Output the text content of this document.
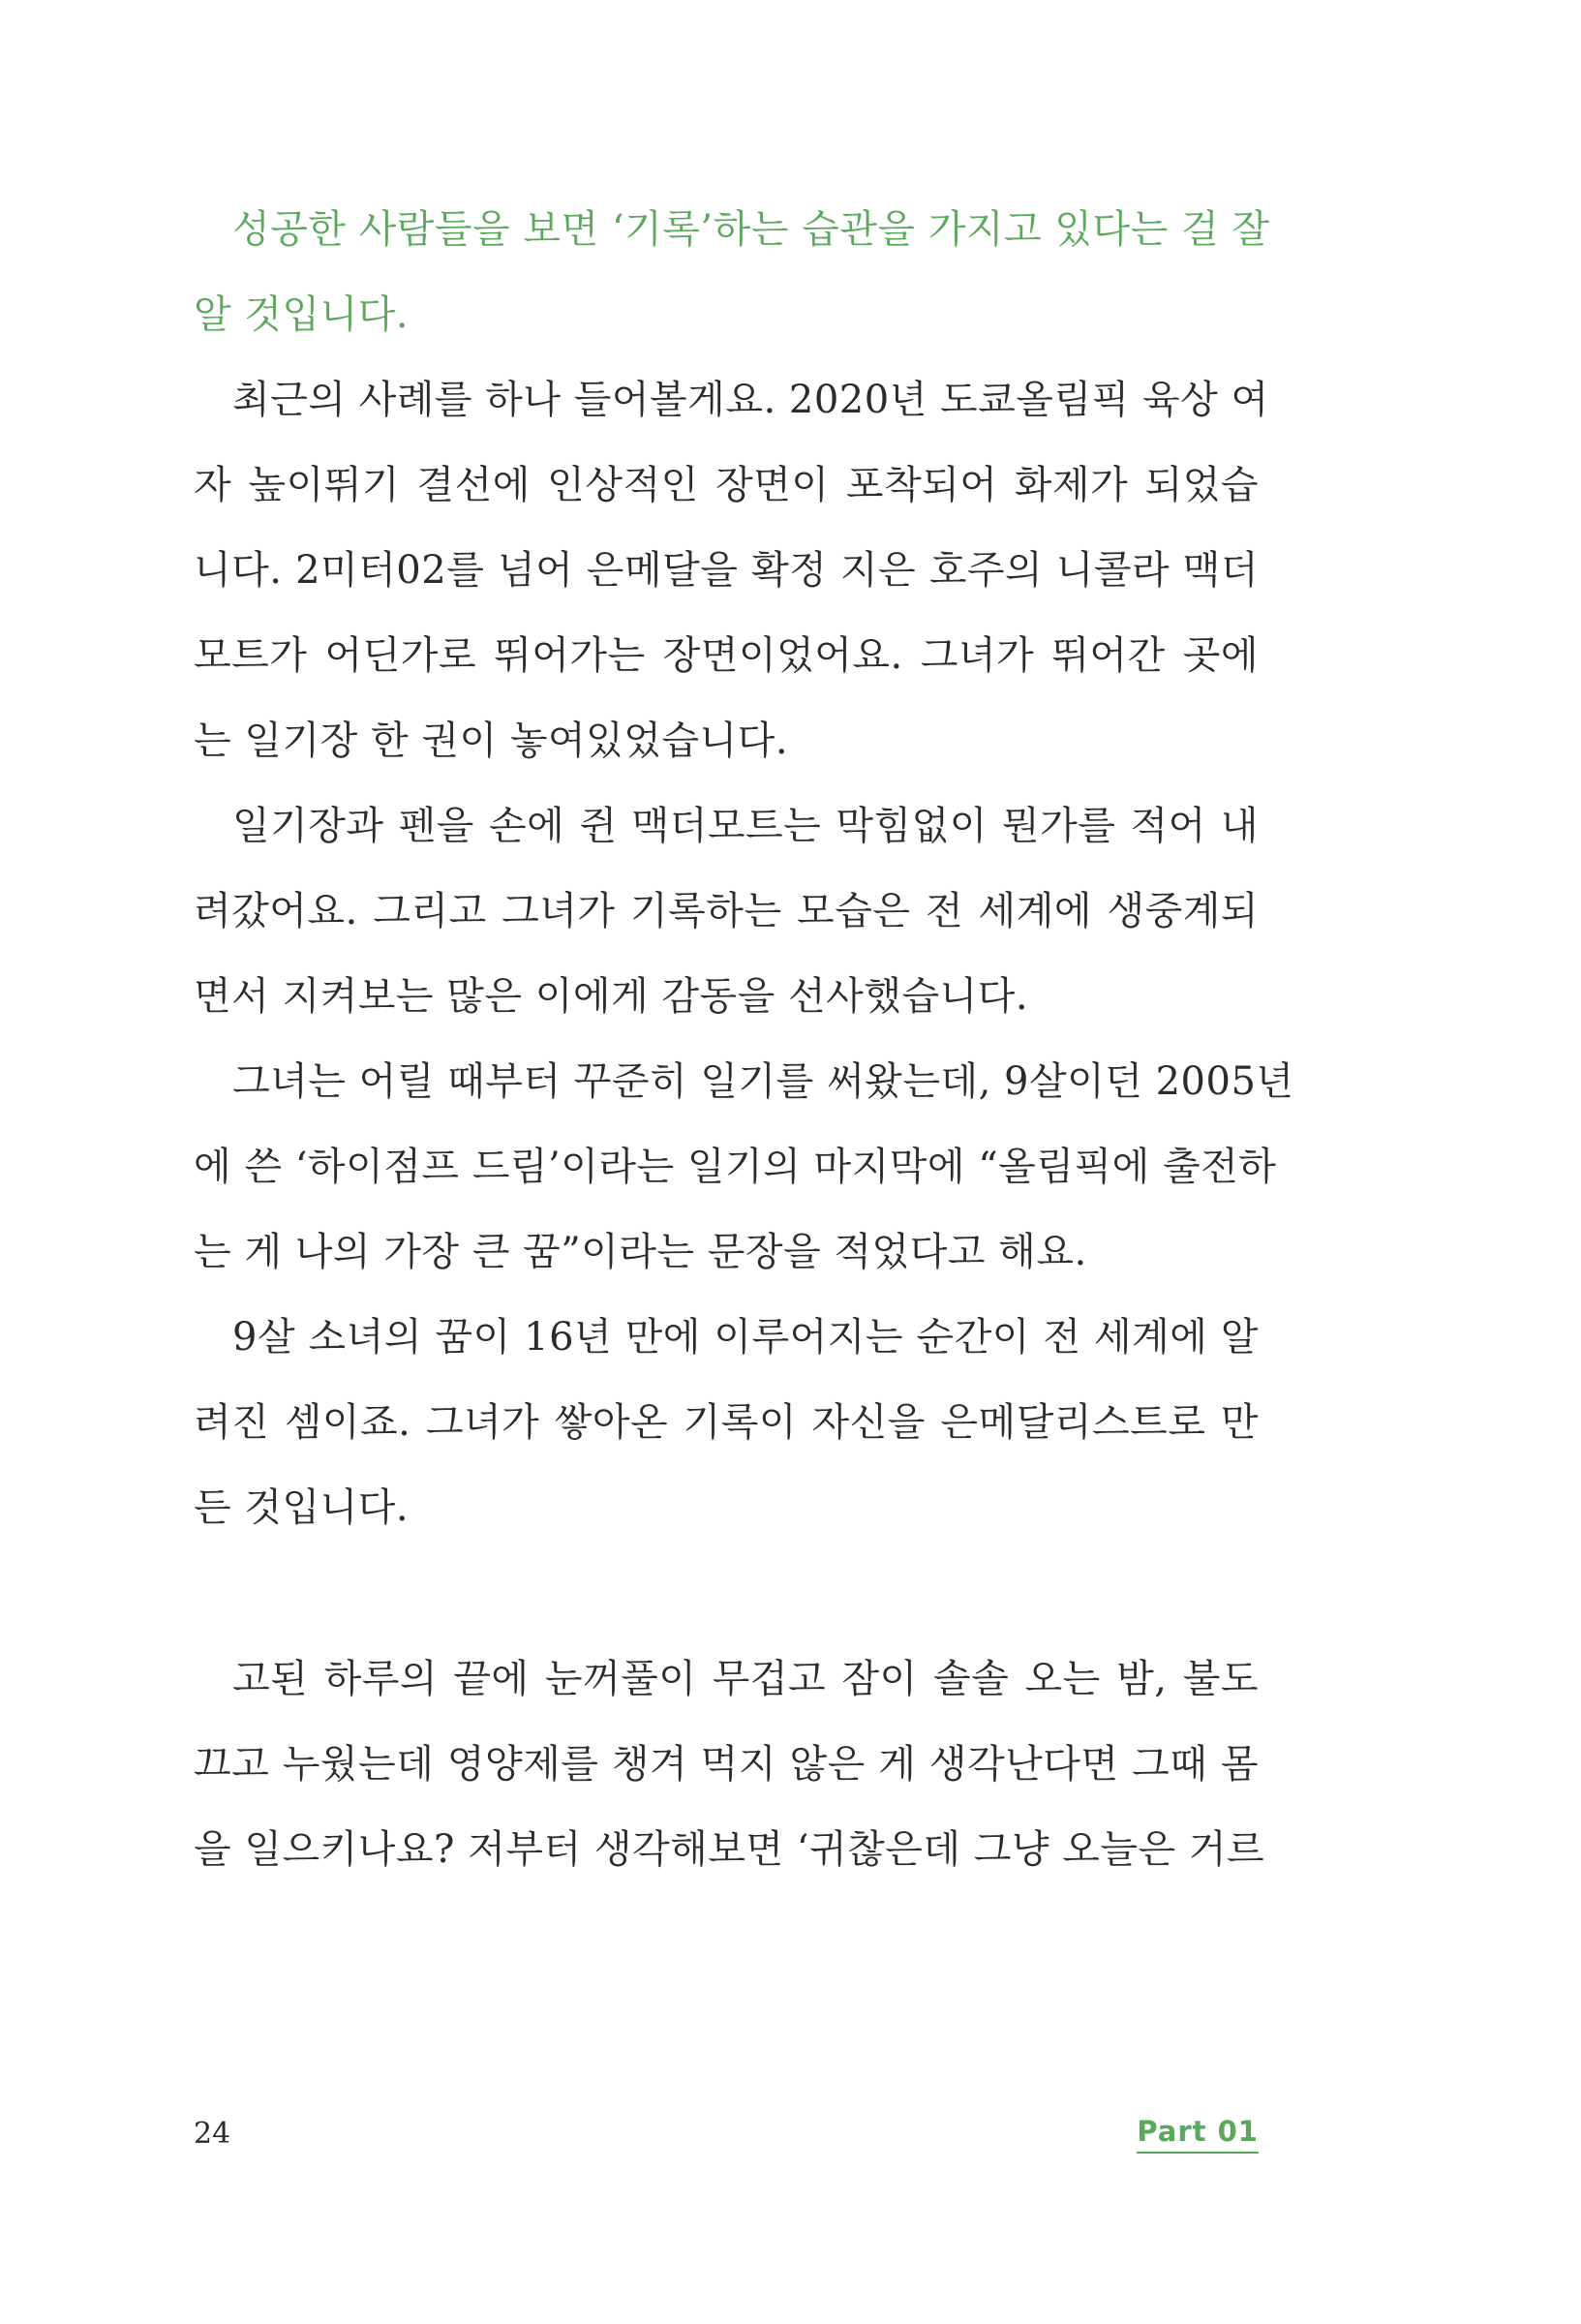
성공한 사람들을 보면 ‘기록’하는 습관을 가지고 있다는 걸 잘
알 것입니다.
최근의 사례를 하나 들어볼게요. 2020년 도쿄올림픽 육상 여
자 높이뛰기 결선에 인상적인 장면이 포착되어 화제가 되었습
니다. 2미터02를 넘어 은메달을 확정 지은 호주의 니콜라 맥더
모트가 어딘가로 뛰어가는 장면이었어요. 그녀가 뛰어간 곳에
는 일기장 한 권이 놓여있었습니다.
일기장과 펜을 손에 쥔 맥더모트는 막힘없이 뭔가를 적어 내
려갔어요. 그리고 그녀가 기록하는 모습은 전 세계에 생중계되
면서 지켜보는 많은 이에게 감동을 선사했습니다.
그녀는 어릴 때부터 꾸준히 일기를 써왔는데, 9살이던 2005년
에 쓴 ‘하이점프 드림’이라는 일기의 마지막에 “올림픽에 출전하
는 게 나의 가장 큰 꿈”이라는 문장을 적었다고 해요.
9살 소녀의 꿈이 16년 만에 이루어지는 순간이 전 세계에 알
려진 셈이죠. 그녀가 쌓아온 기록이 자신을 은메달리스트로 만
든 것입니다.
고된 하루의 끝에 눈꺼풀이 무겁고 잠이 솔솔 오는 밤, 불도
끄고 누웠는데 영양제를 챙겨 먹지 않은 게 생각난다면 그때 몸
을 일으키나요? 저부터 생각해보면 ‘귀찮은데 그냥 오늘은 거르
24	Part 01
